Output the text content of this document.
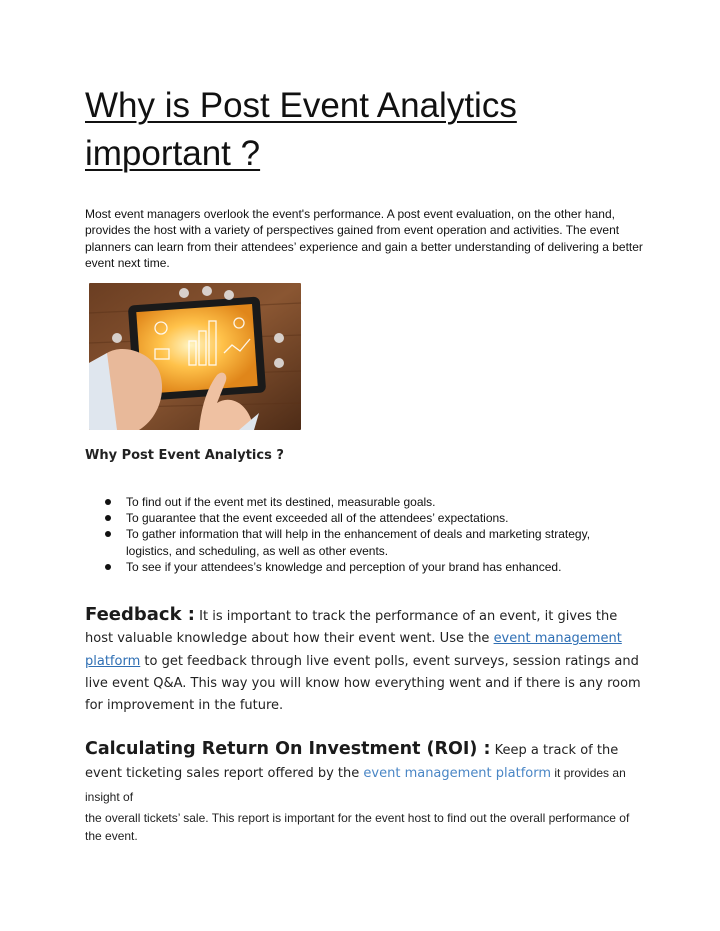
Why is Post Event Analytics important ?

Most event managers overlook the event's performance. A post event evaluation, on the other hand, provides the host with a variety of perspectives gained from event operation and activities. The event planners can learn from their attendees’ experience and gain a better understanding of delivering a better event next time.

Why Post Event Analytics ?
To find out if the event met its destined, measurable goals.
To guarantee that the event exceeded all of the attendees’ expectations.
To gather information that will help in the enhancement of deals and marketing strategy, logistics, and scheduling, as well as other events.
To see if your attendees’s knowledge and perception of your brand has enhanced.
Feedback : It is important to track the performance of an event, it gives the host valuable knowledge about how their event went. Use the event management platform to get feedback through live event polls, event surveys, session ratings and live event Q&A. This way you will know how everything went and if there is any room for improvement in the future.
Calculating Return On Investment (ROI) : Keep a track of the event ticketing sales report offered by the event management platform it provides an insight of
the overall tickets’ sale. This report is important for the event host to find out the overall performance of the event.
